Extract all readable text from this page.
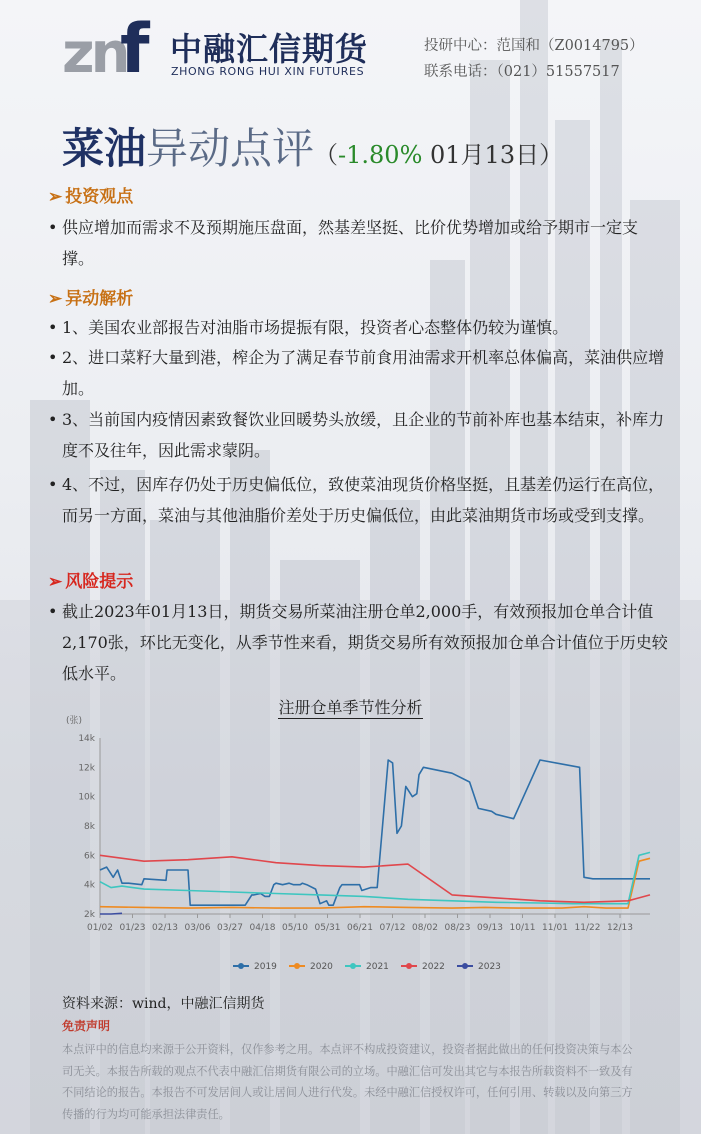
zn
f 中融汇信期货
ZHONG RONG HUI XIN FUTURES
投研中心：范国和（Z0014795）
联系电话：（021）51557517
菜油异动点评（-1.80% 01月13日）
➢ 投资观点
• 供应增加而需求不及预期施压盘面，然基差坚挺、比价优势增加或给予期市一定支撑。
➢ 异动解析
• 1、美国农业部报告对油脂市场提振有限，投资者心态整体仍较为谨慎。
• 2、进口菜籽大量到港，榨企为了满足春节前食用油需求开机率总体偏高，菜油供应增加。
• 3、当前国内疫情因素致餐饮业回暖势头放缓，且企业的节前补库也基本结束，补库力度不及往年，因此需求蒙阴。
• 4、不过，因库存仍处于历史偏低位，致使菜油现货价格坚挺，且基差仍运行在高位，而另一方面，菜油与其他油脂价差处于历史偏低位，由此菜油期货市场或受到支撑。
➢ 风险提示
• 截止2023年01月13日，期货交易所菜油注册仓单2,000手，有效预报加仓单合计值2,170张，环比无变化，从季节性来看，期货交易所有效预报加仓单合计值位于历史较低水平。
注册仓单季节性分析
(张)
2k
4k
6k
8k
10k
12k
14k
01/02 01/23 02/13 03/06 03/27 04/18 05/10 05/31 06/21 07/12 08/02 08/23 09/13 10/11 11/01 11/22 12/13
2019	2020	2021	2022	2023
资料来源：wind，中融汇信期货
免责声明
本点评中的信息均来源于公开资料，仅作参考之用。本点评不构成投资建议，投资者据此做出的任何投资决策与本公司无关。本报告所载的观点不代表中融汇信期货有限公司的立场。中融汇信可发出其它与本报告所载资料不一致及有不同结论的报告。本报告不可发居间人或让居间人进行代发。未经中融汇信授权许可，任何引用、转载以及向第三方传播的行为均可能承担法律责任。
